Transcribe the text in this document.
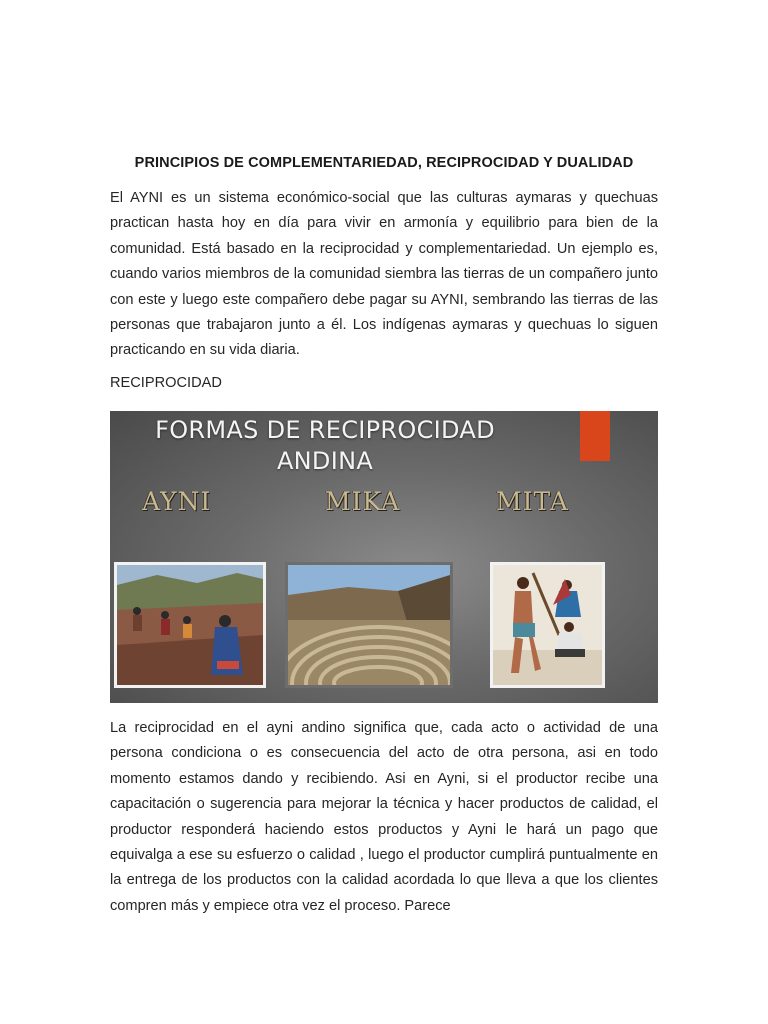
PRINCIPIOS DE COMPLEMENTARIEDAD, RECIPROCIDAD Y DUALIDAD

El AYNI es un sistema económico-social que las culturas aymaras y quechuas practican hasta hoy en día para vivir en armonía y equilibrio para bien de la comunidad. Está basado en la reciprocidad y complementariedad. Un ejemplo es, cuando varios miembros de la comunidad siembra las tierras de un compañero junto con este y luego este compañero debe pagar su AYNI, sembrando las tierras de las personas que trabajaron junto a él. Los indígenas aymaras y quechuas lo siguen practicando en su vida diaria.

RECIPROCIDAD
FORMAS DE RECIPROCIDAD
ANDINA
AYNI	MIKA	MITA

La reciprocidad en el ayni andino significa que, cada acto o actividad de una persona condiciona o es consecuencia del acto de otra persona, asi en todo momento estamos dando y recibiendo. Asi en Ayni, si el productor recibe una capacitación o sugerencia para mejorar la técnica y hacer productos de calidad, el productor responderá haciendo estos productos y Ayni le hará un pago que equivalga a ese su esfuerzo o calidad , luego el productor cumplirá puntualmente en la entrega de los productos con la calidad acordada lo que lleva a que los clientes compren más y empiece otra vez el proceso. Parece
